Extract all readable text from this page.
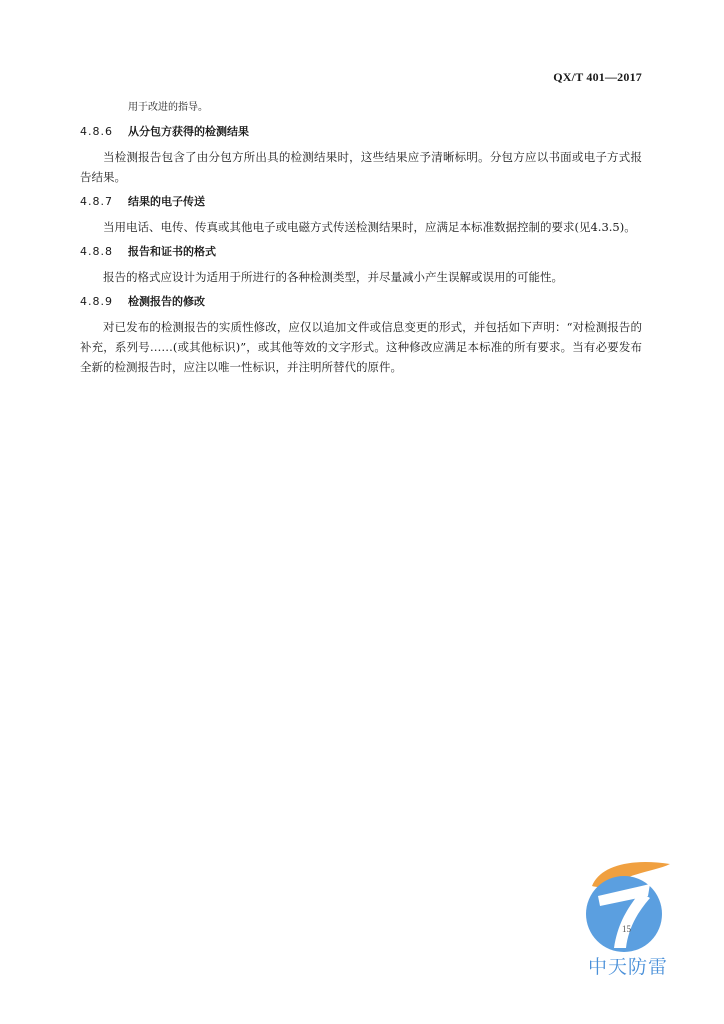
QX/T 401—2017

用于改进的指导。

4.8.6 从分包方获得的检测结果

当检测报告包含了由分包方所出具的检测结果时，这些结果应予清晰标明。分包方应以书面或电子方式报告结果。

4.8.7 结果的电子传送

当用电话、电传、传真或其他电子或电磁方式传送检测结果时，应满足本标准数据控制的要求(见4.3.5)。

4.8.8 报告和证书的格式

报告的格式应设计为适用于所进行的各种检测类型，并尽量减小产生误解或误用的可能性。

4.8.9 检测报告的修改

对已发布的检测报告的实质性修改，应仅以追加文件或信息变更的形式，并包括如下声明：“对检测报告的补充，系列号……(或其他标识)”，或其他等效的文字形式。这种修改应满足本标准的所有要求。当有必要发布全新的检测报告时，应注以唯一性标识，并注明所替代的原件。

15
中天防雷
